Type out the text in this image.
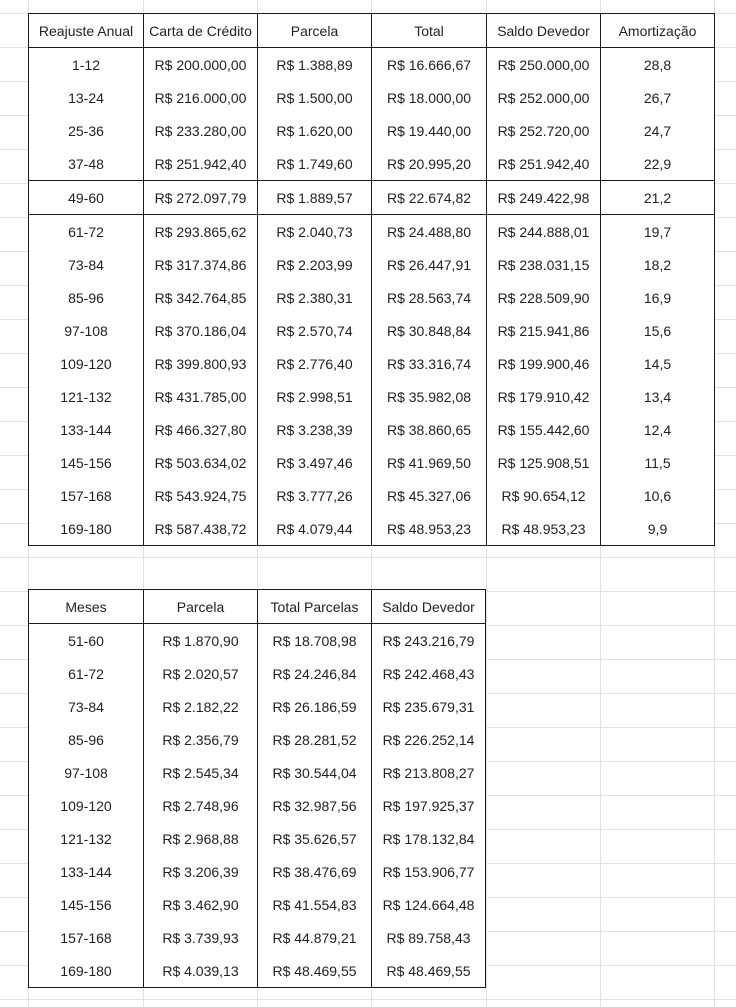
Reajuste Anual	Carta de Crédito	Parcela	Total	Saldo Devedor	Amortização
1-12	R$ 200.000,00	R$ 1.388,89	R$ 16.666,67	R$ 250.000,00	28,8
13-24	R$ 216.000,00	R$ 1.500,00	R$ 18.000,00	R$ 252.000,00	26,7
25-36	R$ 233.280,00	R$ 1.620,00	R$ 19.440,00	R$ 252.720,00	24,7
37-48	R$ 251.942,40	R$ 1.749,60	R$ 20.995,20	R$ 251.942,40	22,9
49-60	R$ 272.097,79	R$ 1.889,57	R$ 22.674,82	R$ 249.422,98	21,2
61-72	R$ 293.865,62	R$ 2.040,73	R$ 24.488,80	R$ 244.888,01	19,7
73-84	R$ 317.374,86	R$ 2.203,99	R$ 26.447,91	R$ 238.031,15	18,2
85-96	R$ 342.764,85	R$ 2.380,31	R$ 28.563,74	R$ 228.509,90	16,9
97-108	R$ 370.186,04	R$ 2.570,74	R$ 30.848,84	R$ 215.941,86	15,6
109-120	R$ 399.800,93	R$ 2.776,40	R$ 33.316,74	R$ 199.900,46	14,5
121-132	R$ 431.785,00	R$ 2.998,51	R$ 35.982,08	R$ 179.910,42	13,4
133-144	R$ 466.327,80	R$ 3.238,39	R$ 38.860,65	R$ 155.442,60	12,4
145-156	R$ 503.634,02	R$ 3.497,46	R$ 41.969,50	R$ 125.908,51	11,5
157-168	R$ 543.924,75	R$ 3.777,26	R$ 45.327,06	R$ 90.654,12	10,6
169-180	R$ 587.438,72	R$ 4.079,44	R$ 48.953,23	R$ 48.953,23	9,9
Meses	Parcela	Total Parcelas	Saldo Devedor
51-60	R$ 1.870,90	R$ 18.708,98	R$ 243.216,79
61-72	R$ 2.020,57	R$ 24.246,84	R$ 242.468,43
73-84	R$ 2.182,22	R$ 26.186,59	R$ 235.679,31
85-96	R$ 2.356,79	R$ 28.281,52	R$ 226.252,14
97-108	R$ 2.545,34	R$ 30.544,04	R$ 213.808,27
109-120	R$ 2.748,96	R$ 32.987,56	R$ 197.925,37
121-132	R$ 2.968,88	R$ 35.626,57	R$ 178.132,84
133-144	R$ 3.206,39	R$ 38.476,69	R$ 153.906,77
145-156	R$ 3.462,90	R$ 41.554,83	R$ 124.664,48
157-168	R$ 3.739,93	R$ 44.879,21	R$ 89.758,43
169-180	R$ 4.039,13	R$ 48.469,55	R$ 48.469,55
